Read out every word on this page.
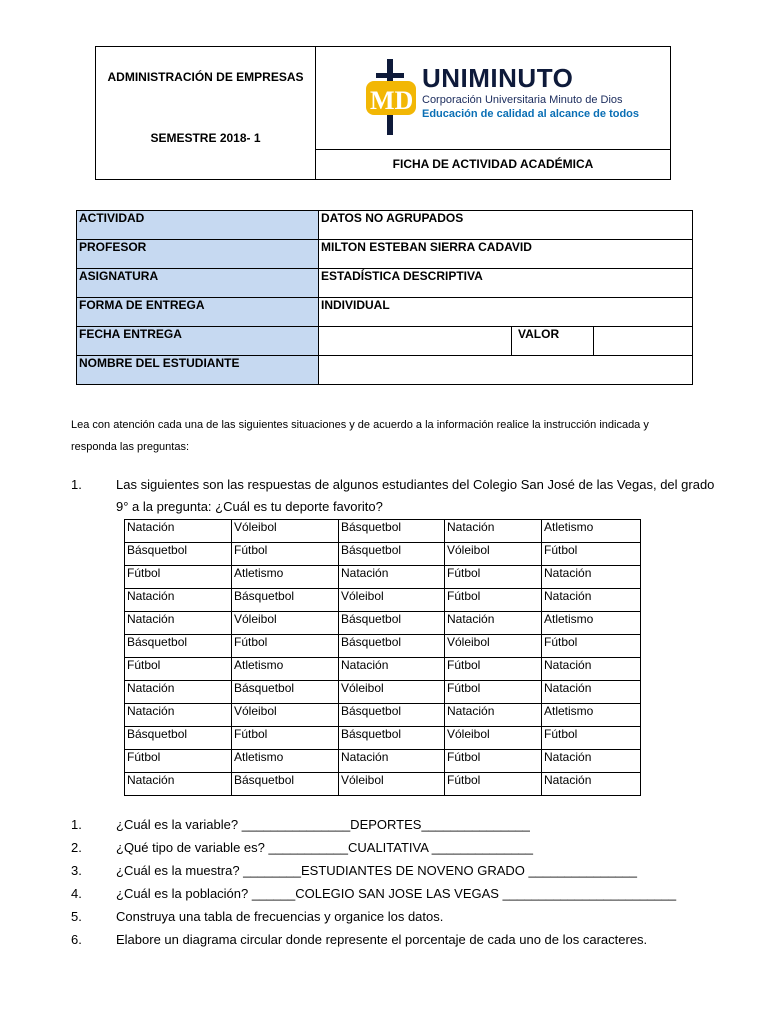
ADMINISTRACIÓN DE EMPRESAS
SEMESTRE 2018- 1
MD
UNIMINUTO
Corporación Universitaria Minuto de Dios
Educación de calidad al alcance de todos
FICHA DE ACTIVIDAD ACADÉMICA
ACTIVIDAD	DATOS NO AGRUPADOS		
PROFESOR	MILTON ESTEBAN SIERRA CADAVID		
ASIGNATURA	ESTADÍSTICA DESCRIPTIVA		
FORMA DE ENTREGA	INDIVIDUAL		
FECHA ENTREGA		VALOR	
NOMBRE DEL ESTUDIANTE			
Lea con atención cada una de las siguientes situaciones y de acuerdo a la información realice la instrucción indicada y responda las preguntas:
1.	Las siguientes son las respuestas de algunos estudiantes del Colegio San José de las Vegas, del grado 9° a la pregunta: ¿Cuál es tu deporte favorito?
Natación	Vóleibol	Básquetbol	Natación	Atletismo
Básquetbol	Fútbol	Básquetbol	Vóleibol	Fútbol
Fútbol	Atletismo	Natación	Fútbol	Natación
Natación	Básquetbol	Vóleibol	Fútbol	Natación
Natación	Vóleibol	Básquetbol	Natación	Atletismo
Básquetbol	Fútbol	Básquetbol	Vóleibol	Fútbol
Fútbol	Atletismo	Natación	Fútbol	Natación
Natación	Básquetbol	Vóleibol	Fútbol	Natación
Natación	Vóleibol	Básquetbol	Natación	Atletismo
Básquetbol	Fútbol	Básquetbol	Vóleibol	Fútbol
Fútbol	Atletismo	Natación	Fútbol	Natación
Natación	Básquetbol	Vóleibol	Fútbol	Natación
1.	¿Cuál es la variable? _______________DEPORTES_______________
2.	¿Qué tipo de variable es? ___________CUALITATIVA ______________
3.	¿Cuál es la muestra? ________ESTUDIANTES DE NOVENO GRADO _______________
4.	¿Cuál es la población? ______COLEGIO SAN JOSE LAS VEGAS ________________________
5.	Construya una tabla de frecuencias y organice los datos.
6.	Elabore un diagrama circular donde represente el porcentaje de cada uno de los caracteres.
